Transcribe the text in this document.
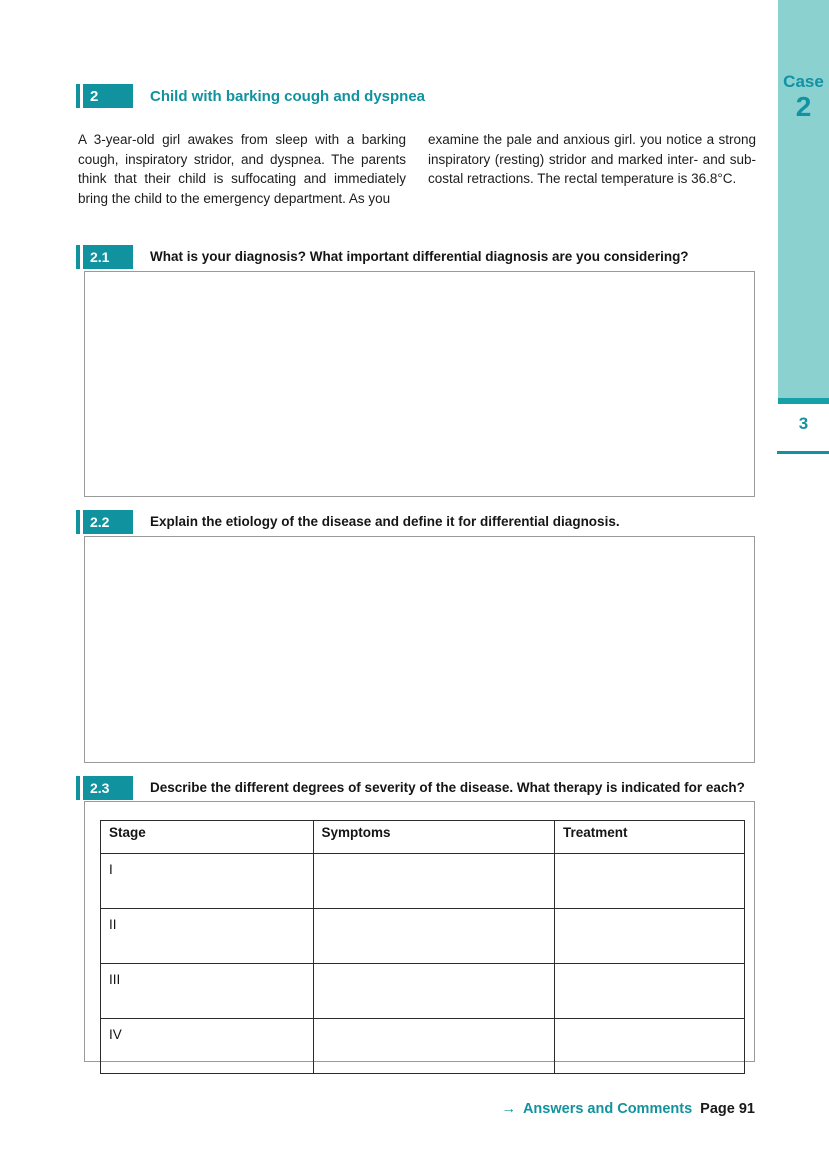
Case
2
3
2	Child with barking cough and dyspnea
A 3-year-old girl awakes from sleep with a barking cough, inspiratory stridor, and dyspnea. The parents think that their child is suffocating and immediately bring the child to the emergency department. As you
examine the pale and anxious girl. you notice a strong inspiratory (resting) stridor and marked inter- and sub-costal retractions. The rectal temperature is 36.8°C.
2.1	What is your diagnosis? What important differential diagnosis are you considering?
2.2	Explain the etiology of the disease and define it for differential diagnosis.
2.3	Describe the different degrees of severity of the disease. What therapy is indicated for each?
Stage	Symptoms	Treatment
I		
II		
III		
IV		
→ Answers and Comments Page 91
